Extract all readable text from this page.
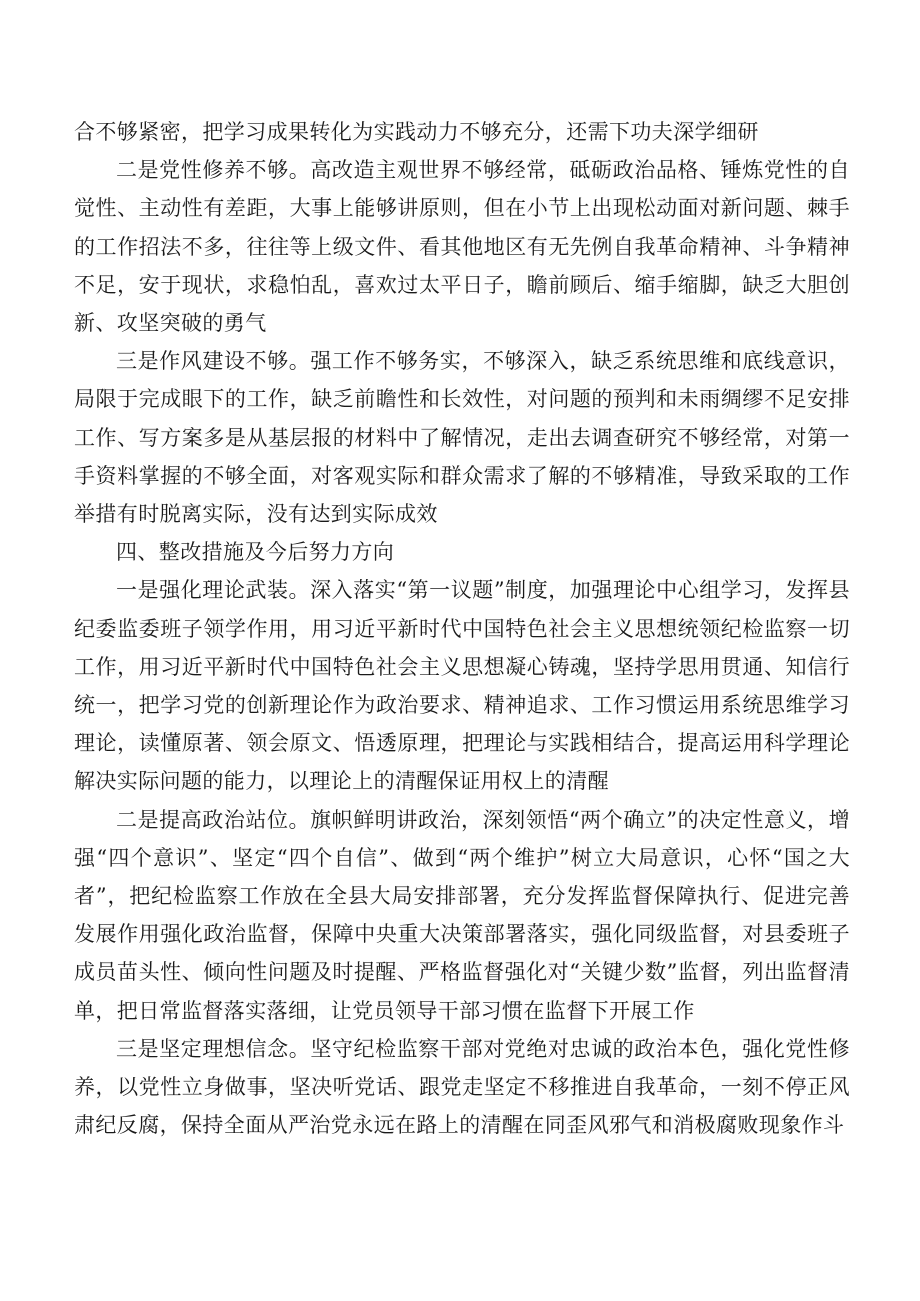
合不够紧密，把学习成果转化为实践动力不够充分，还需下功夫深学细研

二是党性修养不够。高改造主观世界不够经常，砥砺政治品格、锤炼党性的自觉性、主动性有差距，大事上能够讲原则，但在小节上出现松动面对新问题、棘手的工作招法不多，往往等上级文件、看其他地区有无先例自我革命精神、斗争精神不足，安于现状，求稳怕乱，喜欢过太平日子，瞻前顾后、缩手缩脚，缺乏大胆创新、攻坚突破的勇气

三是作风建设不够。强工作不够务实，不够深入，缺乏系统思维和底线意识，局限于完成眼下的工作，缺乏前瞻性和长效性，对问题的预判和未雨绸缪不足安排工作、写方案多是从基层报的材料中了解情况，走出去调查研究不够经常，对第一手资料掌握的不够全面，对客观实际和群众需求了解的不够精准，导致采取的工作举措有时脱离实际，没有达到实际成效

四、整改措施及今后努力方向

一是强化理论武装。深入落实“第一议题”制度，加强理论中心组学习，发挥县纪委监委班子领学作用，用习近平新时代中国特色社会主义思想统领纪检监察一切工作，用习近平新时代中国特色社会主义思想凝心铸魂，坚持学思用贯通、知信行统一，把学习党的创新理论作为政治要求、精神追求、工作习惯运用系统思维学习理论，读懂原著、领会原文、悟透原理，把理论与实践相结合，提高运用科学理论解决实际问题的能力，以理论上的清醒保证用权上的清醒

二是提高政治站位。旗帜鲜明讲政治，深刻领悟“两个确立”的决定性意义，增强“四个意识”、坚定“四个自信”、做到“两个维护”树立大局意识，心怀“国之大者”，把纪检监察工作放在全县大局安排部署，充分发挥监督保障执行、促进完善发展作用强化政治监督，保障中央重大决策部署落实，强化同级监督，对县委班子成员苗头性、倾向性问题及时提醒、严格监督强化对“关键少数”监督，列出监督清单，把日常监督落实落细，让党员领导干部习惯在监督下开展工作

三是坚定理想信念。坚守纪检监察干部对党绝对忠诚的政治本色，强化党性修养，以党性立身做事，坚决听党话、跟党走坚定不移推进自我革命，一刻不停正风肃纪反腐，保持全面从严治党永远在路上的清醒在同歪风邪气和消极腐败现象作斗
